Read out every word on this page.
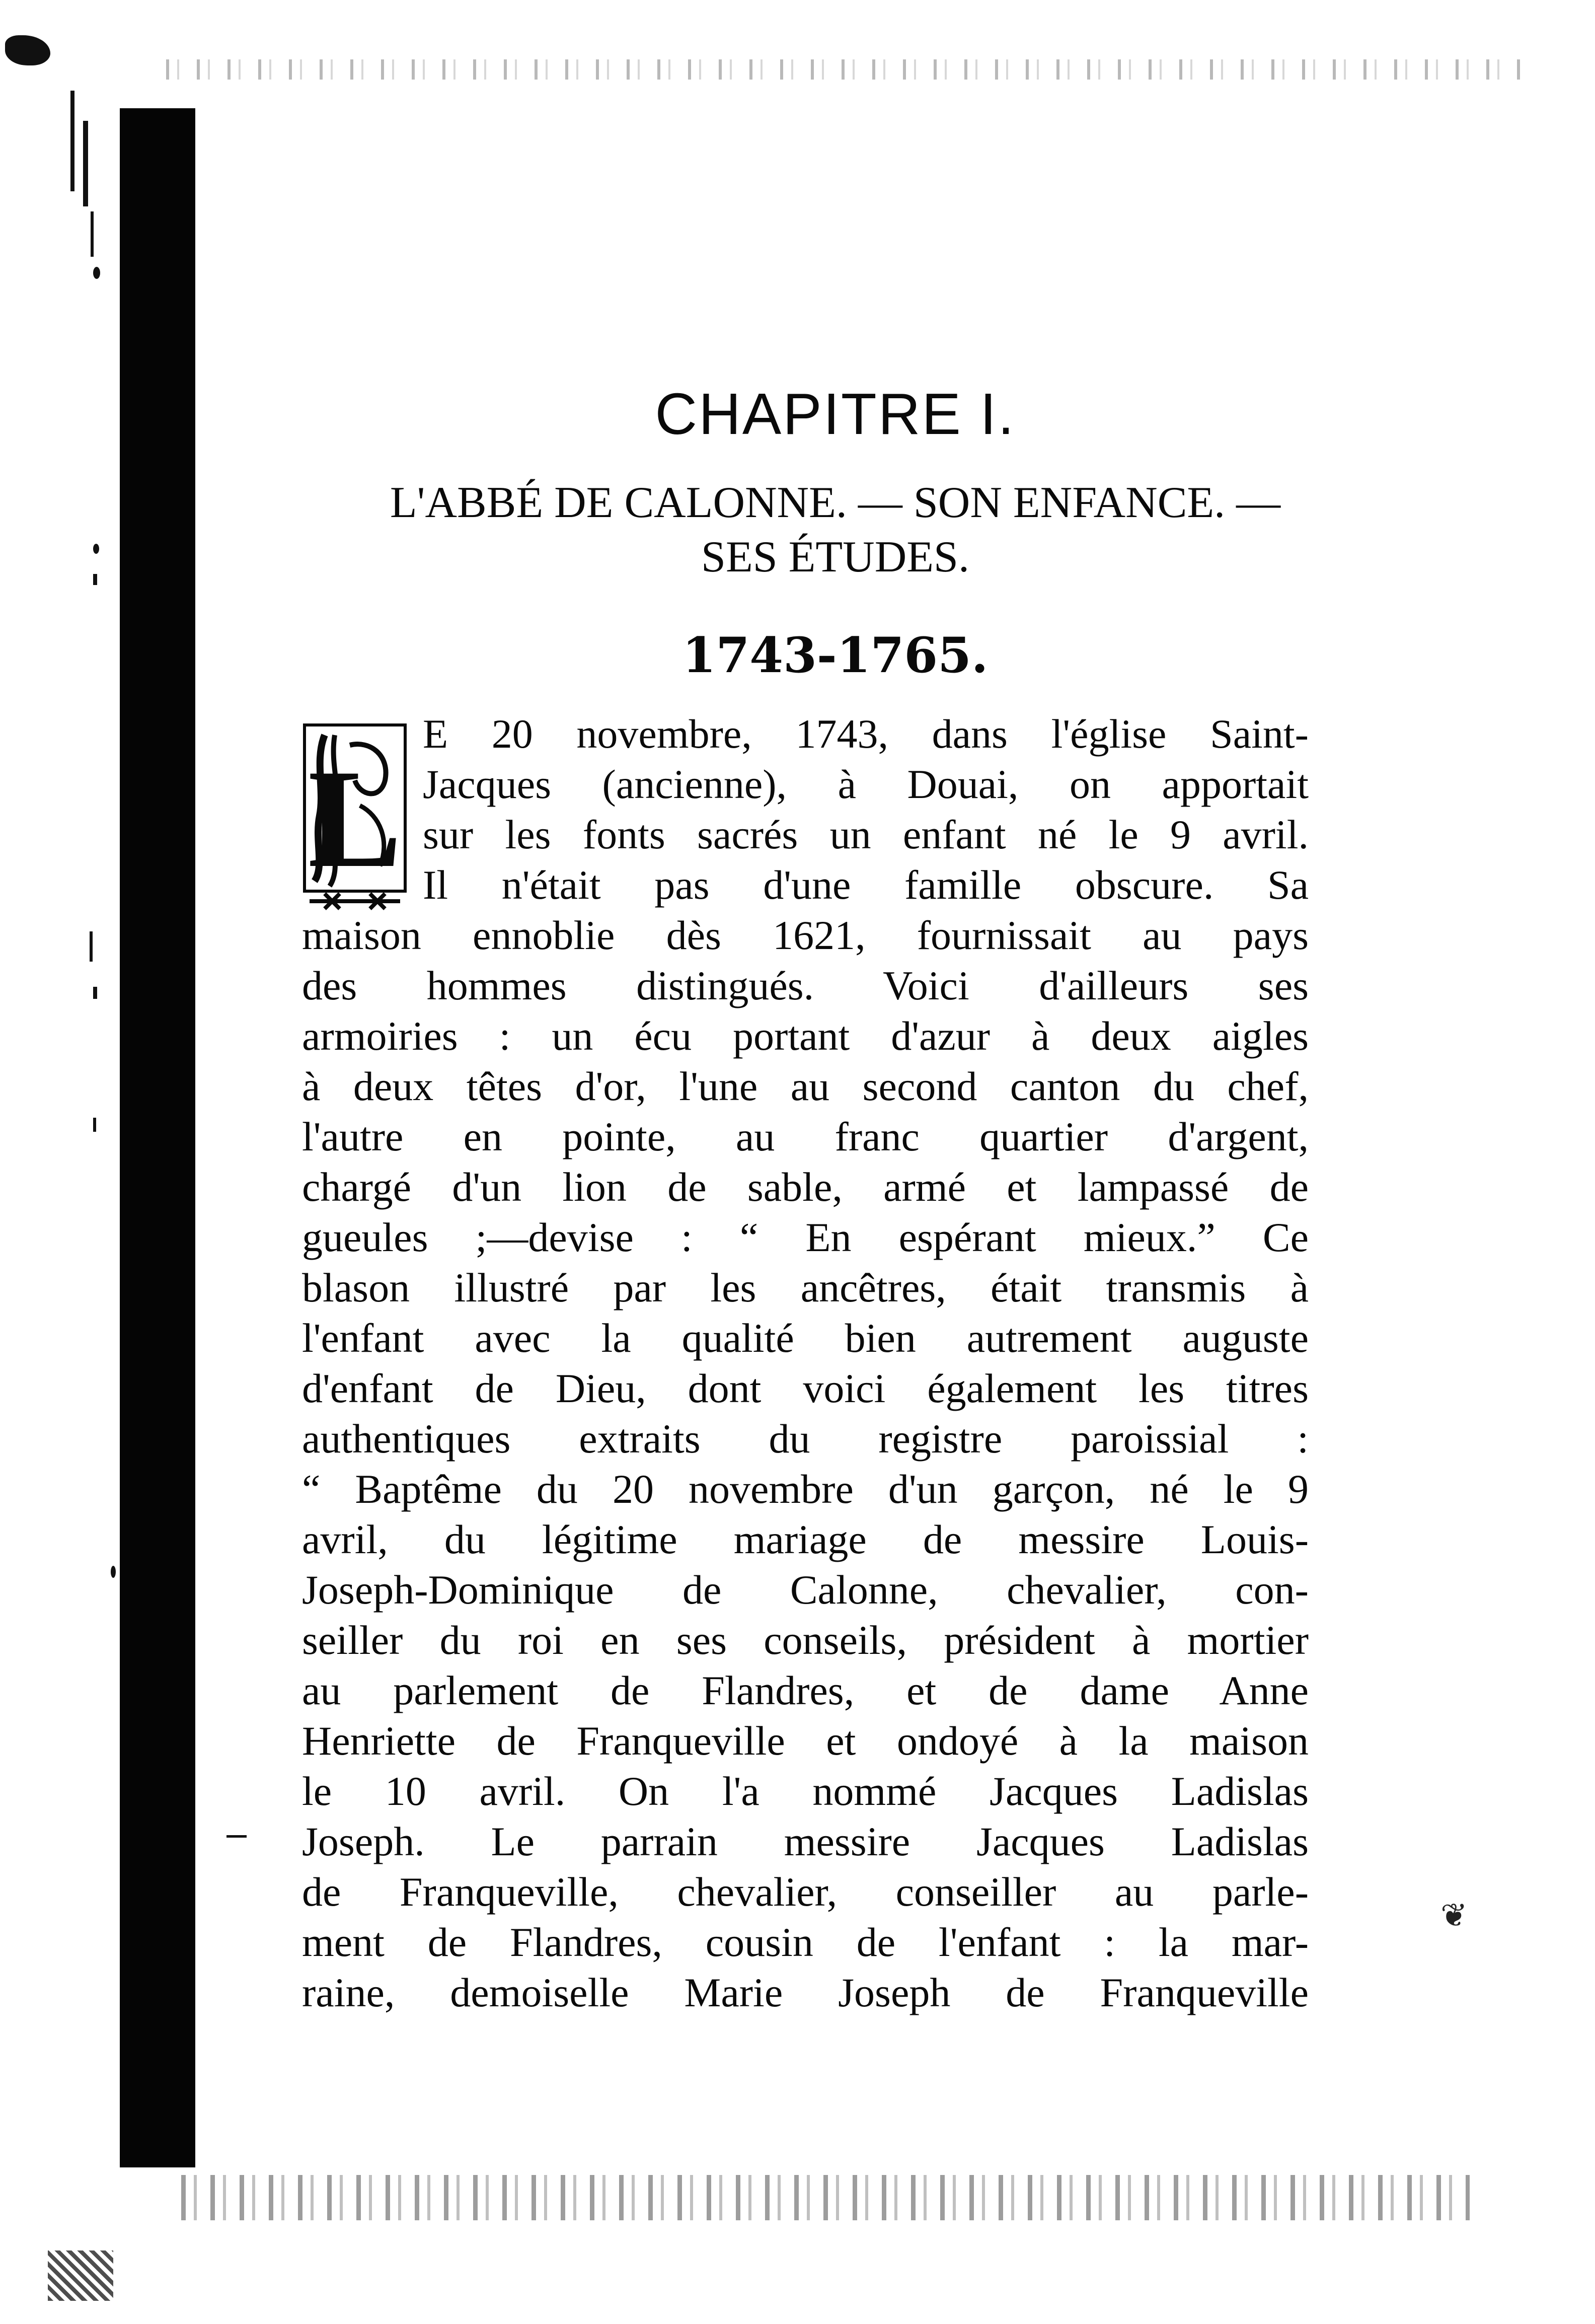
❦
CHAPITRE I.
L'ABBÉ DE CALONNE. — SON ENFANCE. —
SES ÉTUDES.
1743-1765.
L
E 20 novembre, 1743, dans l'église Saint-
Jacques (ancienne), à Douai, on apportait
sur les fonts sacrés un enfant né le 9 avril.
Il n'était pas d'une famille obscure. Sa
maison ennoblie dès 1621, fournissait au pays
des hommes distingués. Voici d'ailleurs ses
armoiries : un écu portant d'azur à deux aigles
à deux têtes d'or, l'une au second canton du chef,
l'autre en pointe, au franc quartier d'argent,
chargé d'un lion de sable, armé et lampassé de
gueules ;—devise : “ En espérant mieux.” Ce
blason illustré par les ancêtres, était transmis à
l'enfant avec la qualité bien autrement auguste
d'enfant de Dieu, dont voici également les titres
authentiques extraits du registre paroissial :
“ Baptême du 20 novembre d'un garçon, né le 9
avril, du légitime mariage de messire Louis-
Joseph-Dominique de Calonne, chevalier, con-
seiller du roi en ses conseils, président à mortier
au parlement de Flandres, et de dame Anne
Henriette de Franqueville et ondoyé à la maison
le 10 avril. On l'a nommé Jacques Ladislas
Joseph. Le parrain messire Jacques Ladislas
de Franqueville, chevalier, conseiller au parle-
ment de Flandres, cousin de l'enfant : la mar-
raine, demoiselle Marie Joseph de Franqueville
